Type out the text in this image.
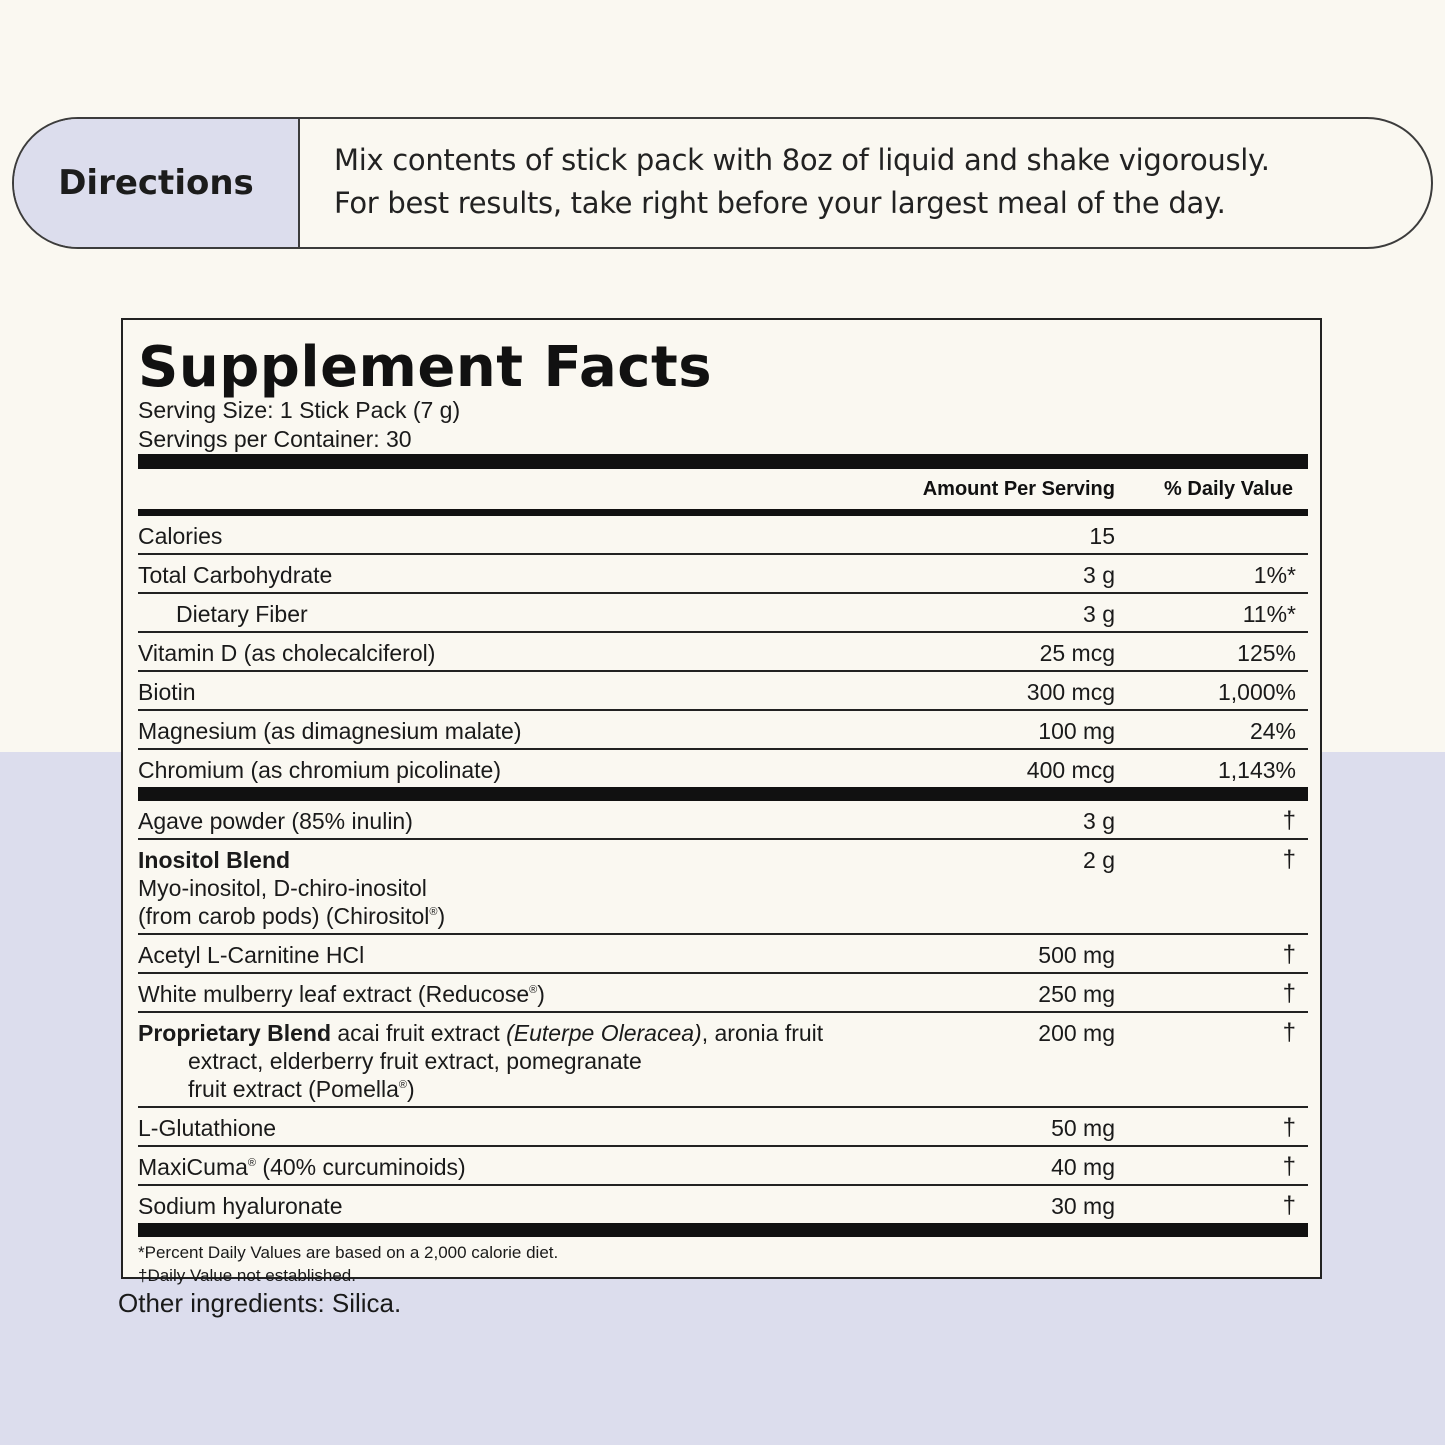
Directions
Mix contents of stick pack with 8oz of liquid and shake vigorously.
For best results, take right before your largest meal of the day.
Supplement Facts
Serving Size: 1 Stick Pack (7 g)
Servings per Container: 30
Amount Per Serving	% Daily Value
Calories	15
Total Carbohydrate	3 g	1%*
Dietary Fiber	3 g	11%*
Vitamin D (as cholecalciferol)	25 mcg	125%
Biotin	300 mcg	1,000%
Magnesium (as dimagnesium malate)	100 mg	24%
Chromium (as chromium picolinate)	400 mcg	1,143%
Agave powder (85% inulin)	3 g	†
Inositol Blend
Myo-inositol, D-chiro-inositol
(from carob pods) (Chirositol®)
2 g	†
Acetyl L-Carnitine HCl	500 mg	†
White mulberry leaf extract (Reducose®)	250 mg	†
Proprietary Blend acai fruit extract (Euterpe Oleracea), aronia fruit
extract, elderberry fruit extract, pomegranate
fruit extract (Pomella®)
200 mg	†
L-Glutathione	50 mg	†
MaxiCuma® (40% curcuminoids)	40 mg	†
Sodium hyaluronate	30 mg	†
*Percent Daily Values are based on a 2,000 calorie diet.
†Daily Value not established.
Other ingredients: Silica.
